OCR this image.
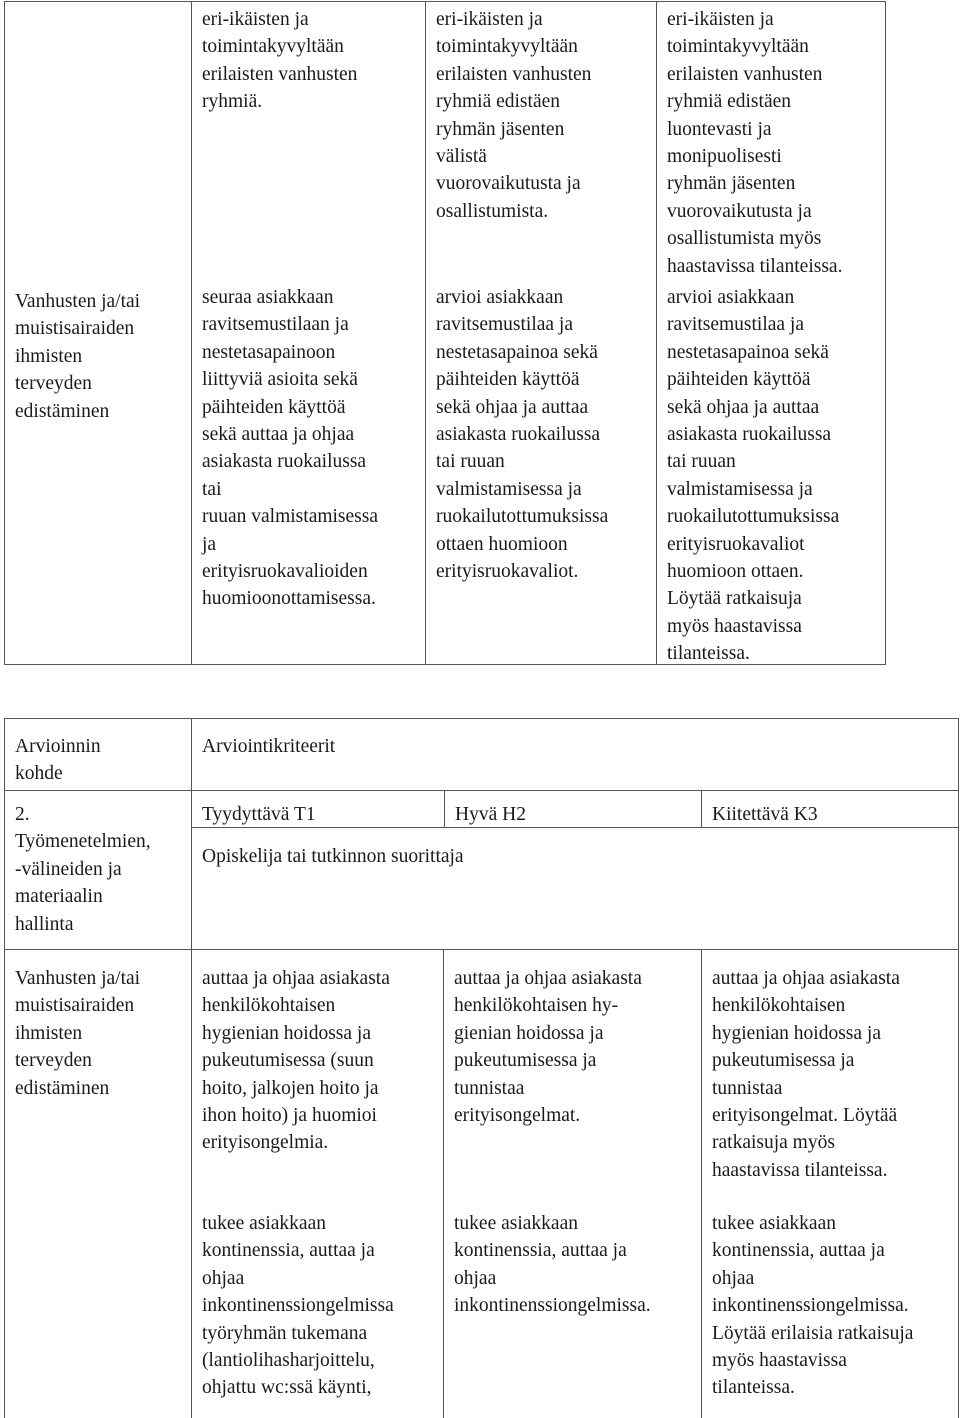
Vanhusten ja/tai
muistisairaiden
ihmisten
terveyden
edistäminen
eri-ikäisten ja
toimintakyvyltään
erilaisten vanhusten
ryhmiä.
seuraa asiakkaan
ravitsemustilaan ja
nestetasapainoon
liittyviä asioita sekä
päihteiden käyttöä
sekä auttaa ja ohjaa
asiakasta ruokailussa
tai
ruuan valmistamisessa
ja
erityisruokavalioiden
huomioonottamisessa.
eri-ikäisten ja
toimintakyvyltään
erilaisten vanhusten
ryhmiä edistäen
ryhmän jäsenten
välistä
vuorovaikutusta ja
osallistumista.
arvioi asiakkaan
ravitsemustilaa ja
nestetasapainoa sekä
päihteiden käyttöä
sekä ohjaa ja auttaa
asiakasta ruokailussa
tai ruuan
valmistamisessa ja
ruokailutottumuksissa
ottaen huomioon
erityisruokavaliot.
eri-ikäisten ja
toimintakyvyltään
erilaisten vanhusten
ryhmiä edistäen
luontevasti ja
monipuolisesti
ryhmän jäsenten
vuorovaikutusta ja
osallistumista myös
haastavissa tilanteissa.
arvioi asiakkaan
ravitsemustilaa ja
nestetasapainoa sekä
päihteiden käyttöä
sekä ohjaa ja auttaa
asiakasta ruokailussa
tai ruuan
valmistamisessa ja
ruokailutottumuksissa
erityisruokavaliot
huomioon ottaen.
Löytää ratkaisuja
myös haastavissa
tilanteissa.
Arvioinnin
kohde
Arviointikriteerit
2.
Työmenetelmien,
-välineiden ja
materiaalin
hallinta
Tyydyttävä T1	Hyvä H2	Kiitettävä K3
Opiskelija tai tutkinnon suorittaja
Vanhusten ja/tai
muistisairaiden
ihmisten
terveyden
edistäminen
auttaa ja ohjaa asiakasta
henkilökohtaisen
hygienian hoidossa ja
pukeutumisessa (suun
hoito, jalkojen hoito ja
ihon hoito) ja huomioi
erityisongelmia.
auttaa ja ohjaa asiakasta
henkilökohtaisen hy-
gienian hoidossa ja
pukeutumisessa ja
tunnistaa
erityisongelmat.
auttaa ja ohjaa asiakasta
henkilökohtaisen
hygienian hoidossa ja
pukeutumisessa ja
tunnistaa
erityisongelmat. Löytää
ratkaisuja myös
haastavissa tilanteissa.
tukee asiakkaan
kontinenssia, auttaa ja
ohjaa
inkontinenssiongelmissa
työryhmän tukemana
(lantiolihasharjoittelu,
ohjattu wc:ssä käynti,
tukee asiakkaan
kontinenssia, auttaa ja
ohjaa
inkontinenssiongelmissa.
tukee asiakkaan
kontinenssia, auttaa ja
ohjaa
inkontinenssiongelmissa.
Löytää erilaisia ratkaisuja
myös haastavissa
tilanteissa.
